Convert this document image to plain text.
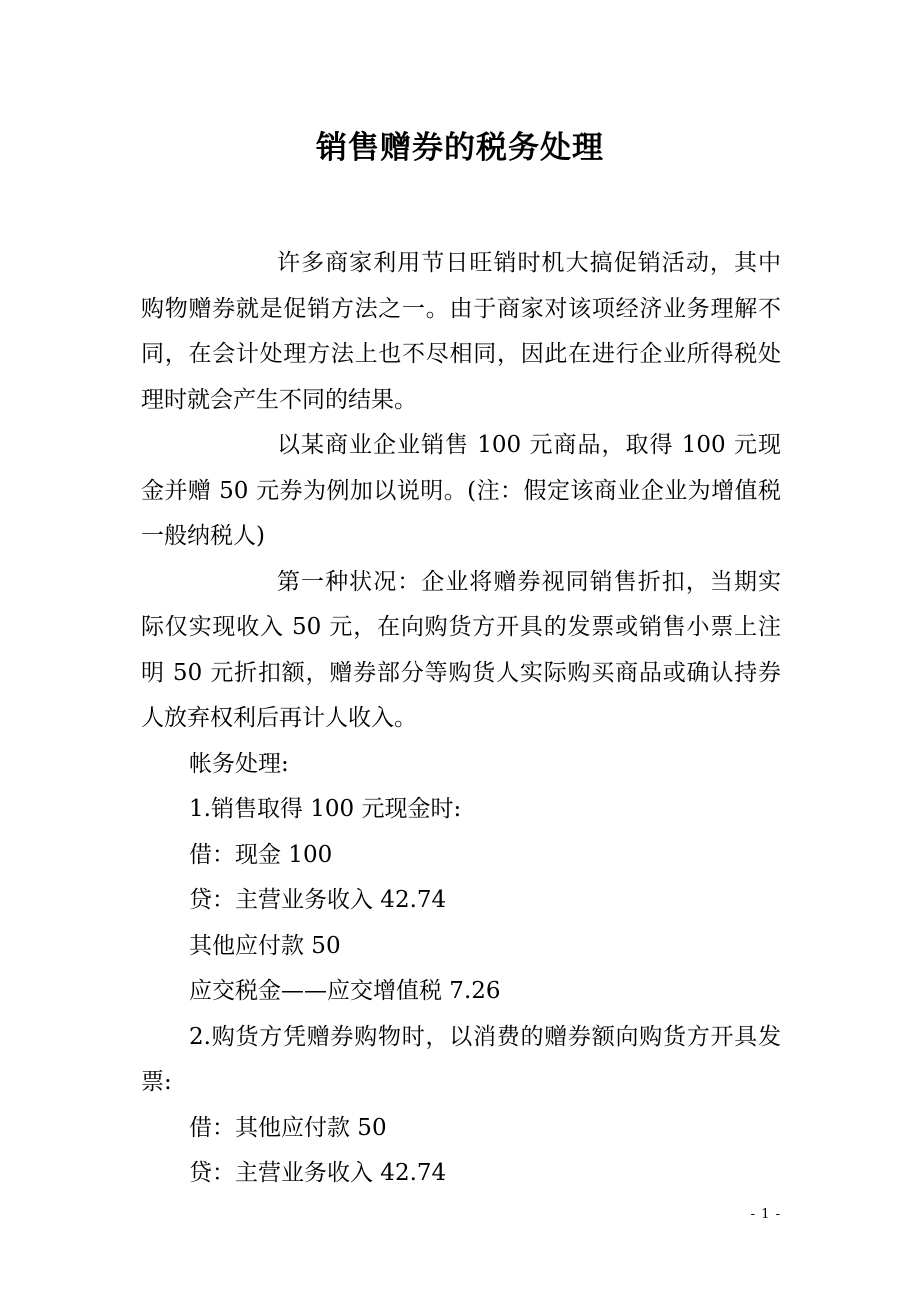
销售赠券的税务处理

许多商家利用节日旺销时机大搞促销活动，其中购物赠券就是促销方法之一。由于商家对该项经济业务理解不同，在会计处理方法上也不尽相同，因此在进行企业所得税处理时就会产生不同的结果。

以某商业企业销售 100 元商品，取得 100 元现金并赠 50 元券为例加以说明。(注：假定该商业企业为增值税一般纳税人)

第一种状况：企业将赠券视同销售折扣，当期实际仅实现收入 50 元，在向购货方开具的发票或销售小票上注明 50 元折扣额，赠券部分等购货人实际购买商品或确认持券人放弃权利后再计人收入。

帐务处理:

1.销售取得 100 元现金时:

借：现金 100

贷：主营业务收入 42.74

其他应付款 50

应交税金——应交增值税 7.26

2.购货方凭赠券购物时，以消费的赠券额向购货方开具发票:

借：其他应付款 50

贷：主营业务收入 42.74

- 1 -
